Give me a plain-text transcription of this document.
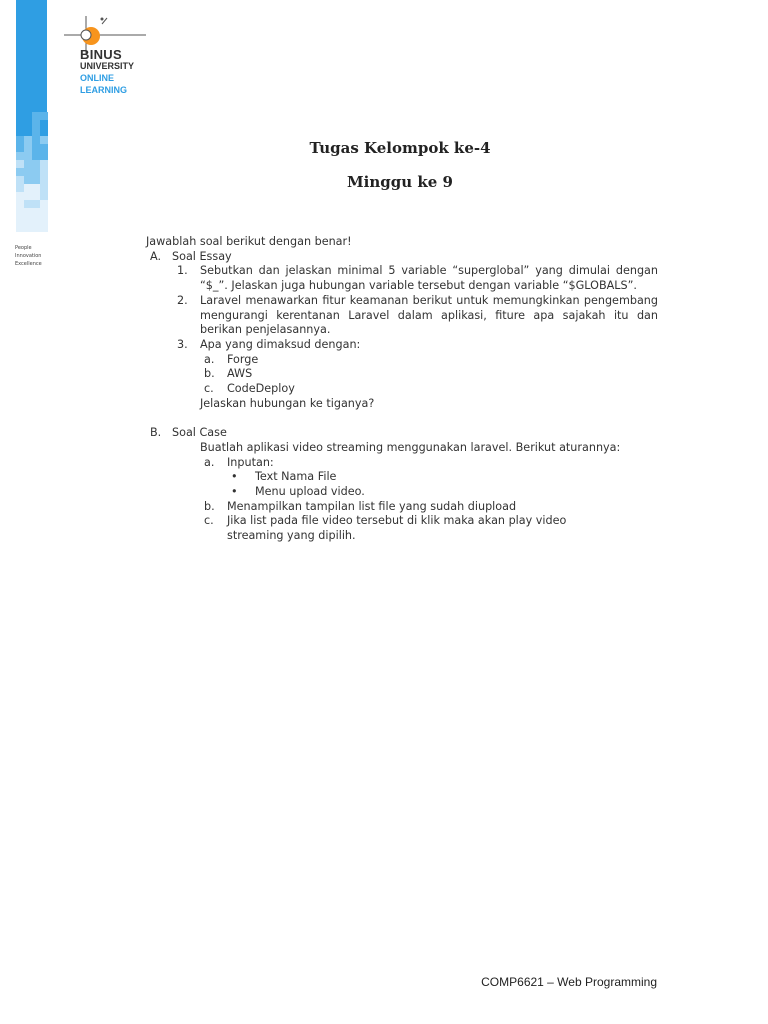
People
Innovation
Excellence
BINUS
UNIVERSITY
ONLINE
LEARNING
Tugas Kelompok ke-4
Minggu ke 9
Jawablah soal berikut dengan benar!
A. Soal Essay
1. Sebutkan dan jelaskan minimal 5 variable “superglobal” yang dimulai dengan “$_”. Jelaskan juga hubungan variable tersebut dengan variable “$GLOBALS”.
2. Laravel menawarkan fitur keamanan berikut untuk memungkinkan pengembang mengurangi kerentanan Laravel dalam aplikasi, fiture apa sajakah itu dan berikan penjelasannya.
3. Apa yang dimaksud dengan:
a. Forge
b. AWS
c. CodeDeploy
Jelaskan hubungan ke tiganya?
B. Soal Case
Buatlah aplikasi video streaming menggunakan laravel. Berikut aturannya:
a. Inputan:
• Text Nama File
• Menu upload video.
b. Menampilkan tampilan list file yang sudah diupload
c. Jika list pada file video tersebut di klik maka akan play video streaming yang dipilih.
COMP6621 – Web Programming
